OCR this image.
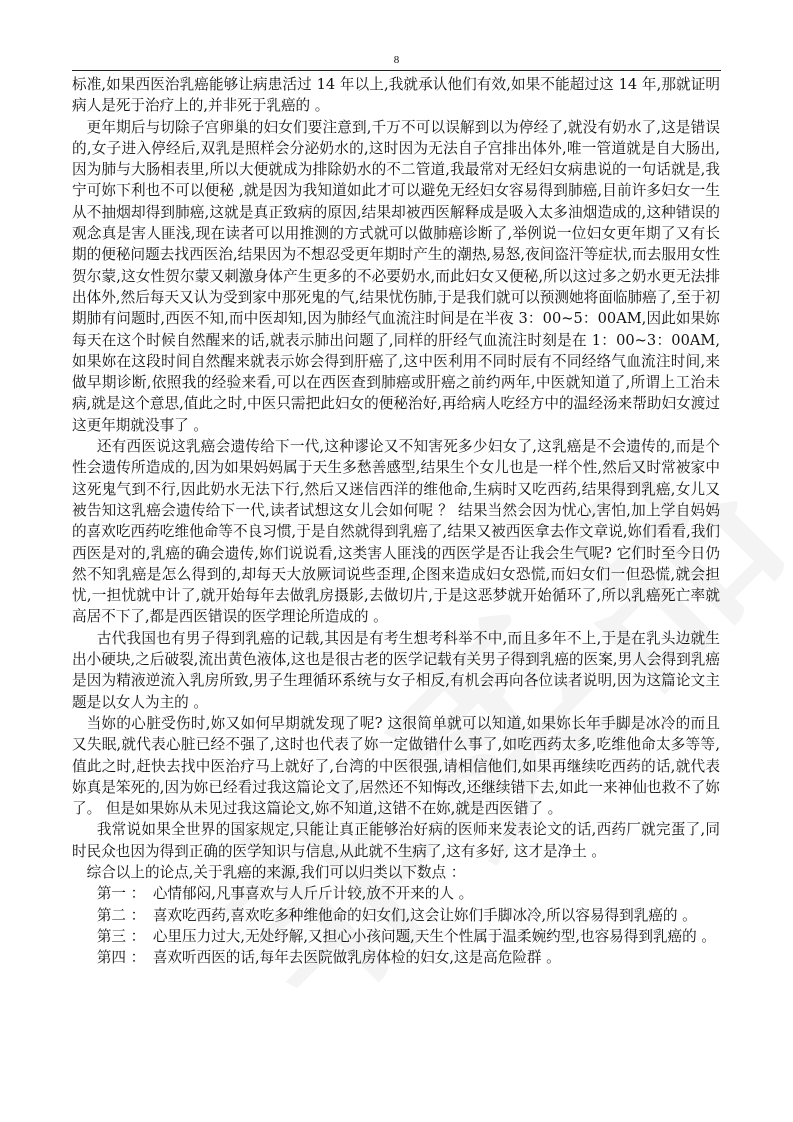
8

标准,如果西医治乳癌能够让病患活过 14 年以上,我就承认他们有效,如果不能超过这 14 年,那就证明病人是死于治疗上的,并非死于乳癌的 。

更年期后与切除子宫卵巢的妇女们要注意到,千万不可以误解到以为停经了,就没有奶水了,这是错误的,女子进入停经后,双乳是照样会分泌奶水的,这时因为无法自子宫排出体外,唯一管道就是自大肠出,因为肺与大肠相表里,所以大便就成为排除奶水的不二管道,我最常对无经妇女病患说的一句话就是,我宁可妳下利也不可以便秘 ,就是因为我知道如此才可以避免无经妇女容易得到肺癌,目前许多妇女一生从不抽烟却得到肺癌,这就是真正致病的原因,结果却被西医解释成是吸入太多油烟造成的,这种错误的观念真是害人匪浅,现在读者可以用推测的方式就可以做肺癌诊断了,举例说一位妇女更年期了又有长期的便秘问题去找西医治,结果因为不想忍受更年期时产生的潮热,易怒,夜间盗汗等症状,而去服用女性贺尔蒙,这女性贺尔蒙又刺激身体产生更多的不必要奶水,而此妇女又便秘,所以这过多之奶水更无法排出体外,然后每天又认为受到家中那死鬼的气,结果忧伤肺,于是我们就可以预测她将面临肺癌了,至于初期肺有问题时,西医不知,而中医却知,因为肺经气血流注时间是在半夜 3：00~5：00AM,因此如果妳每天在这个时候自然醒来的话,就表示肺出问题了,同样的肝经气血流注时刻是在 1：00~3：00AM,如果妳在这段时间自然醒来就表示妳会得到肝癌了,这中医利用不同时辰有不同经络气血流注时间,来做早期诊断,依照我的经验来看,可以在西医查到肺癌或肝癌之前约两年,中医就知道了,所谓上工治未病,就是这个意思,值此之时,中医只需把此妇女的便秘治好,再给病人吃经方中的温经汤来帮助妇女渡过这更年期就没事了 。

还有西医说这乳癌会遗传给下一代,这种谬论又不知害死多少妇女了,这乳癌是不会遗传的,而是个性会遗传所造成的,因为如果妈妈属于天生多愁善感型,结果生个女儿也是一样个性,然后又时常被家中这死鬼气到不行,因此奶水无法下行,然后又迷信西洋的维他命,生病时又吃西药,结果得到乳癌,女儿又被告知这乳癌会遗传给下一代,读者试想这女儿会如何呢 ？ 结果当然会因为忧心,害怕,加上学自妈妈的喜欢吃西药吃维他命等不良习惯,于是自然就得到乳癌了,结果又被西医拿去作文章说,妳们看看,我们西医是对的,乳癌的确会遗传,妳们说说看,这类害人匪浅的西医学是否让我会生气呢? 它们时至今日仍然不知乳癌是怎么得到的,却每天大放厥词说些歪理,企图来造成妇女恐慌,而妇女们一但恐慌,就会担忧,一担忧就中计了,就开始每年去做乳房摄影,去做切片,于是这恶梦就开始循环了,所以乳癌死亡率就高居不下了,都是西医错误的医学理论所造成的 。

古代我国也有男子得到乳癌的记载,其因是有考生想考科举不中,而且多年不上,于是在乳头边就生出小硬块,之后破裂,流出黄色液体,这也是很古老的医学记载有关男子得到乳癌的医案,男人会得到乳癌是因为精液逆流入乳房所致,男子生理循环系统与女子相反,有机会再向各位读者说明,因为这篇论文主题是以女人为主的 。

当妳的心脏受伤时,妳又如何早期就发现了呢? 这很简单就可以知道,如果妳长年手脚是冰冷的而且又失眠,就代表心脏已经不强了,这时也代表了妳一定做错什么事了,如吃西药太多,吃维他命太多等等,值此之时,赶快去找中医治疗马上就好了,台湾的中医很强,请相信他们,如果再继续吃西药的话,就代表妳真是笨死的,因为妳已经看过我这篇论文了,居然还不知悔改,还继续错下去,如此一来神仙也救不了妳了。 但是如果妳从未见过我这篇论文,妳不知道,这错不在妳,就是西医错了 。

我常说如果全世界的国家规定,只能让真正能够治好病的医师来发表论文的话,西药厂就完蛋了,同时民众也因为得到正确的医学知识与信息,从此就不生病了,这有多好, 这才是净土 。

综合以上的论点,关于乳癌的来源,我们可以归类以下数点 ：

第一 ： 心情郁闷,凡事喜欢与人斤斤计较,放不开来的人 。

第二 ： 喜欢吃西药,喜欢吃多种维他命的妇女们,这会让妳们手脚冰冷,所以容易得到乳癌的 。

第三 ： 心里压力过大,无处纾解,又担心小孩问题,天生个性属于温柔婉约型,也容易得到乳癌的 。

第四 ： 喜欢听西医的话,每年去医院做乳房体检的妇女,这是高危险群 。
